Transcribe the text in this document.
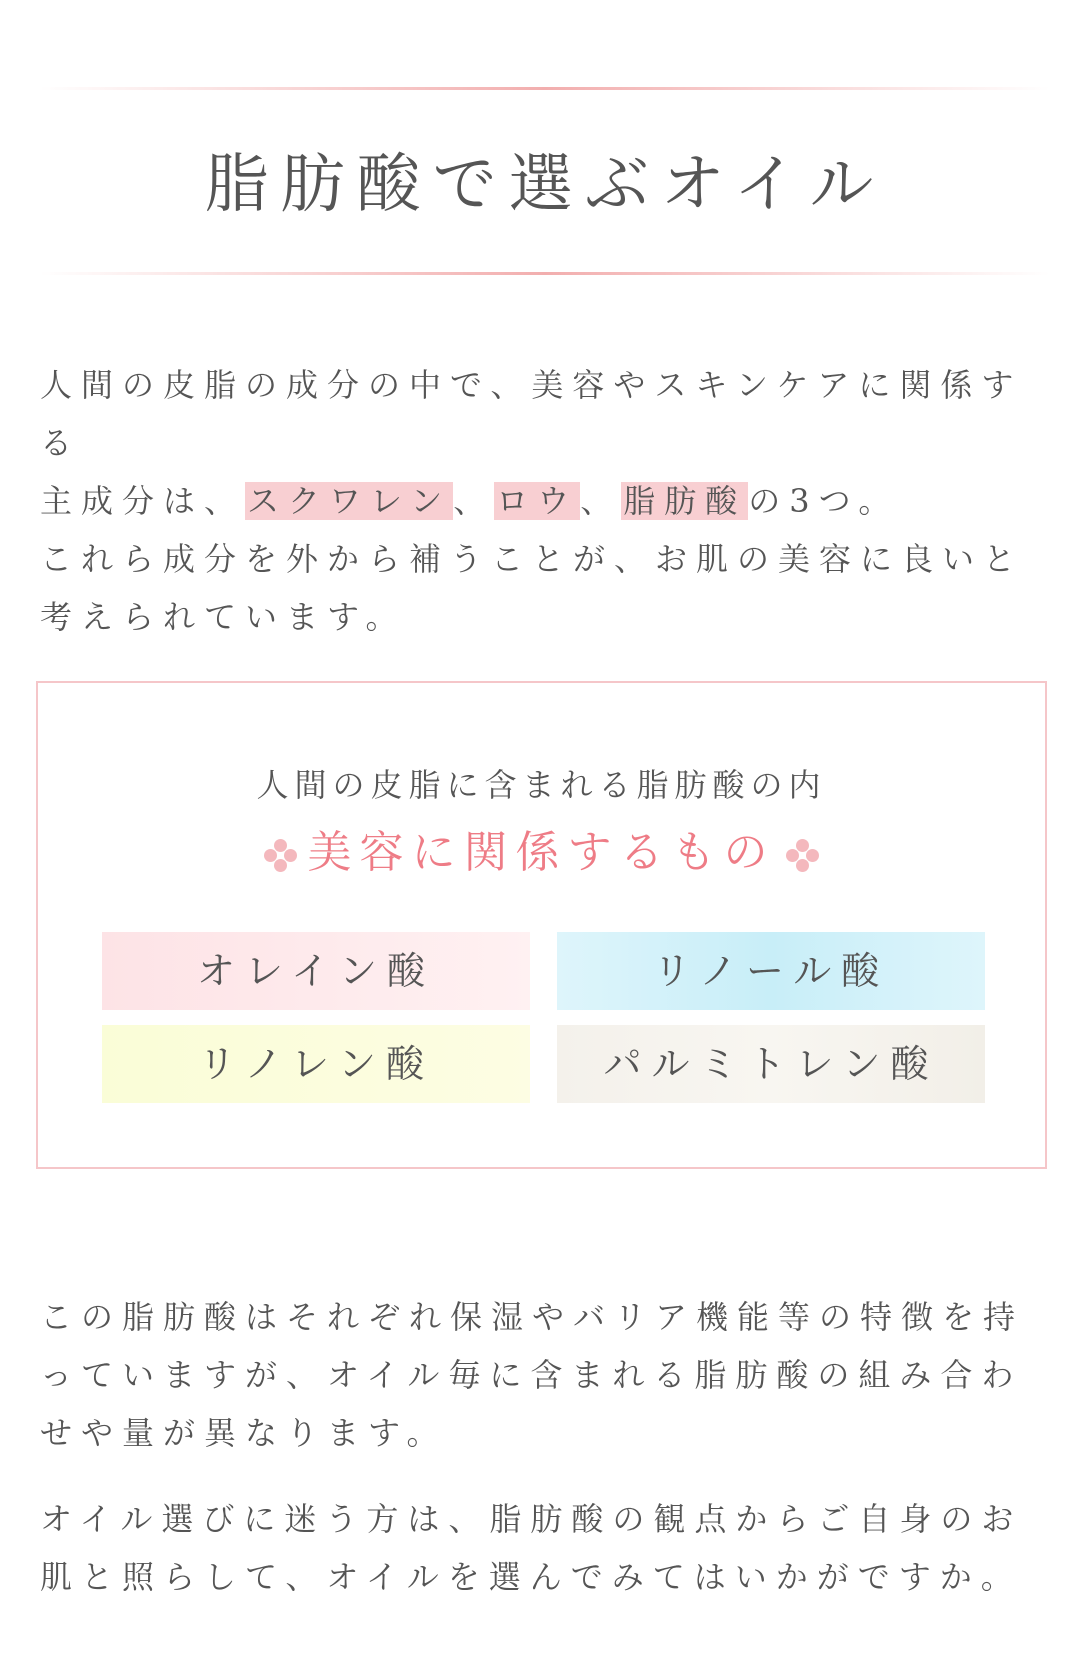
脂肪酸で選ぶオイル

人間の皮脂の成分の中で、美容やスキンケアに関係する
主成分は、スクワレン、ロウ、脂肪酸の3つ。
これら成分を外から補うことが、お肌の美容に良いと考えられています。

人間の皮脂に含まれる脂肪酸の内

美容に関係するもの

オレイン酸	リノール酸
リノレン酸	パルミトレン酸

この脂肪酸はそれぞれ保湿やバリア機能等の特徴を持っていますが、オイル毎に含まれる脂肪酸の組み合わせや量が異なります。

オイル選びに迷う方は、脂肪酸の観点からご自身のお肌と照らして、オイルを選んでみてはいかがですか。
